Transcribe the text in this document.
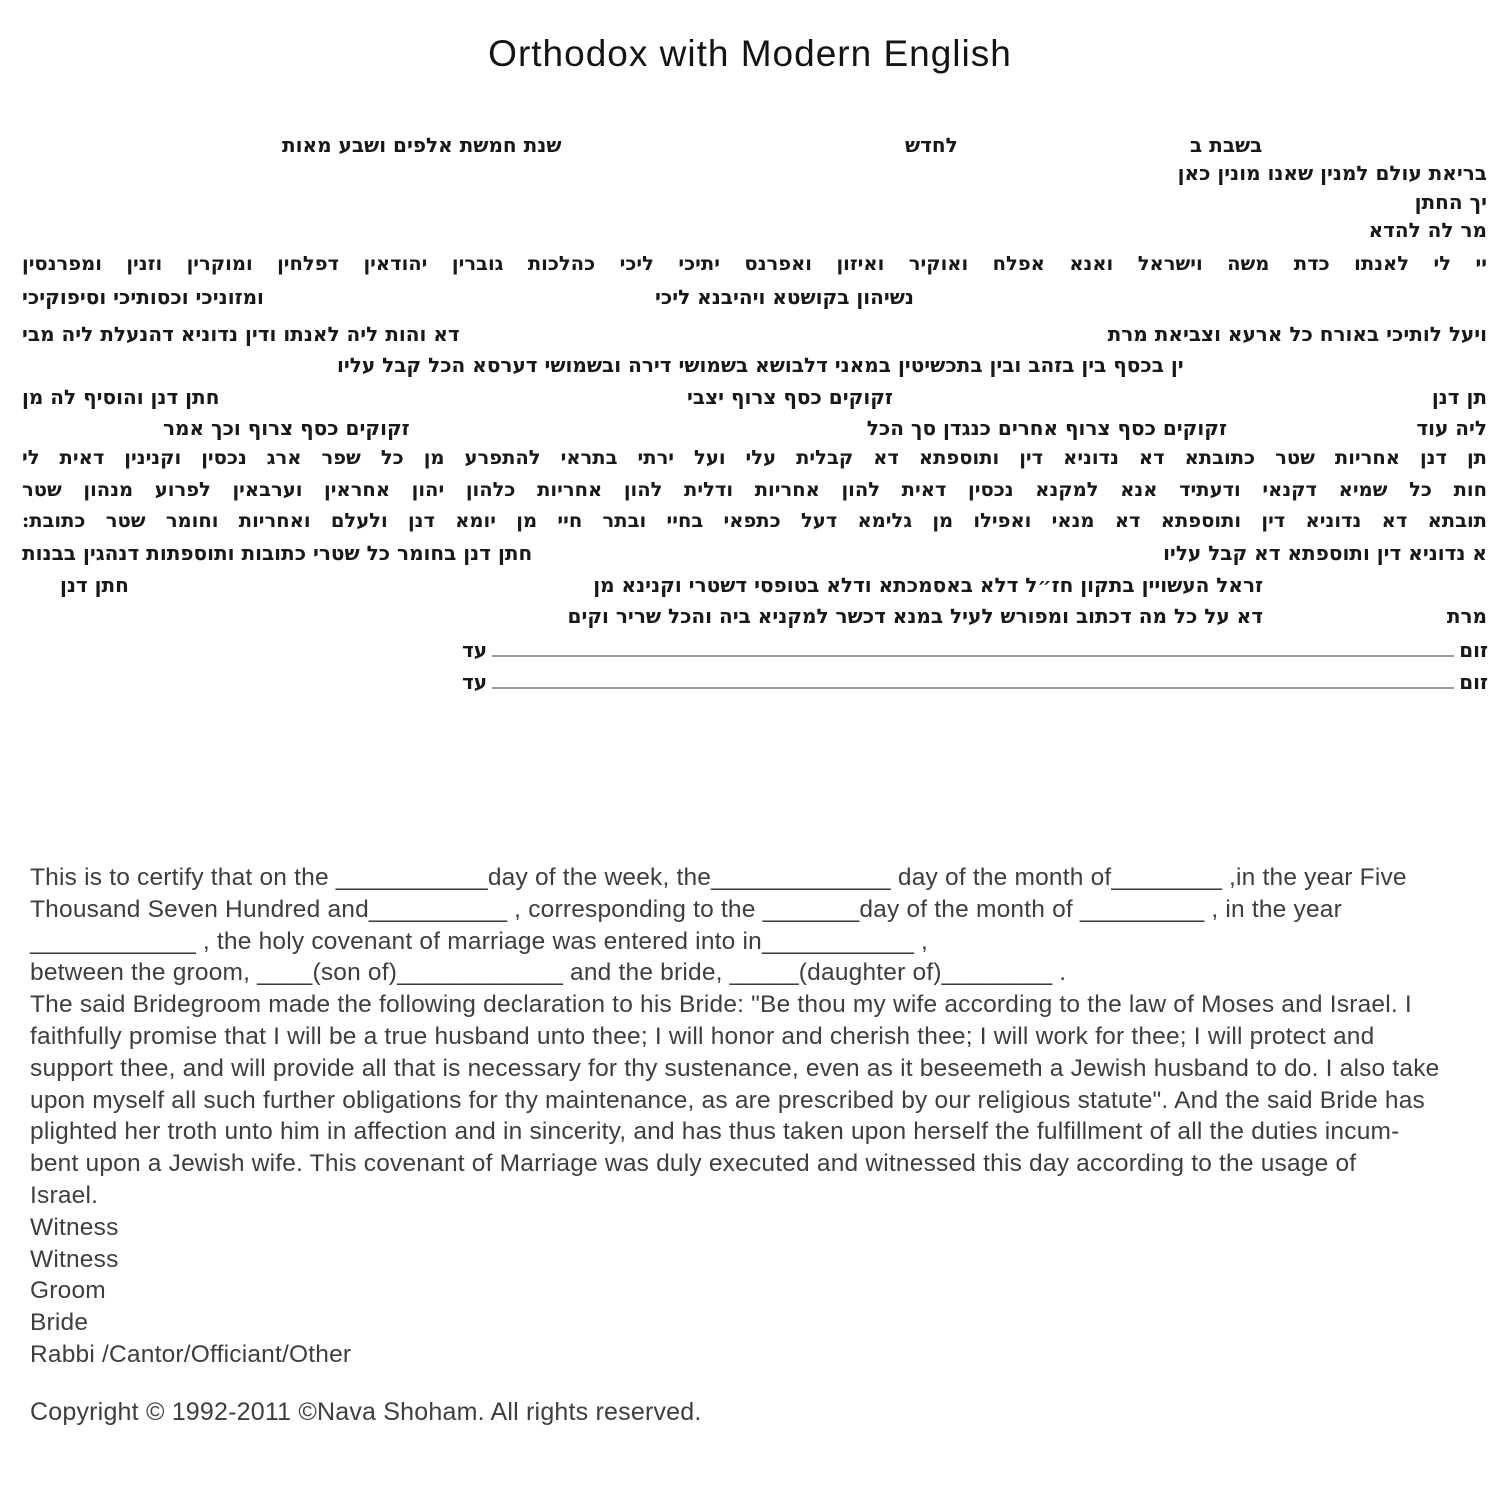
Orthodox with Modern English
בשבת ב
לחדש
שנת חמשת אלפים ושבע מאות
בריאת עולם למנין שאנו מונין כאן
יך החתן
מר לה להדא
יי לי לאנתו כדת משה וישראל ואנא אפלח ואוקיר ואיזון ואפרנס יתיכי ליכי כהלכות גוברין יהודאין דפלחין ומוקרין וזנין ומפרנסין
נשיהון בקושטא ויהיבנא ליכי
ומזוניכי וכסותיכי וסיפוקיכי
ויעל לותיכי באורח כל ארעא וצביאת מרת
דא והות ליה לאנתו ודין נדוניא דהנעלת ליה מבי
ין בכסף בין בזהב ובין בתכשיטין במאני דלבושא בשמושי דירה ובשמושי דערסא הכל קבל עליו
תן דנן
זקוקים כסף צרוף יצבי
חתן דנן והוסיף לה מן
ליה עוד
זקוקים כסף צרוף אחרים כנגדן סך הכל
זקוקים כסף צרוף וכך אמר
תן דנן אחריות שטר כתובתא דא נדוניא דין ותוספתא דא קבלית עלי ועל ירתי בתראי להתפרע מן כל שפר ארג נכסין וקנינין דאית לי
חות כל שמיא דקנאי ודעתיד אנא למקנא נכסין דאית להון אחריות ודלית להון אחריות כלהון יהון אחראין וערבאין לפרוע מנהון שטר
תובתא דא נדוניא דין ותוספתא דא מנאי ואפילו מן גלימא דעל כתפאי בחיי ובתר חיי מן יומא דנן ולעלם ואחריות וחומר שטר כתובת:
א נדוניא דין ותוספתא דא קבל עליו
חתן דנן בחומר כל שטרי כתובות ותוספתות דנהגין בבנות
זראל העשויין בתקון חז״ל דלא באסמכתא ודלא בטופסי דשטרי וקנינא מן
חתן דנן
מרת
דא על כל מה דכתוב ומפורש לעיל במנא דכשר למקניא ביה והכל שריר וקים
עד	זום
עד	זום
This is to certify that on the ___________day of the week, the_____________ day of the month of________ ,in the year Five
Thousand Seven Hundred and__________ , corresponding to the _______day of the month of _________ , in the year
____________ , the holy covenant of marriage was entered into in___________ ,
between the groom, ____(son of)____________ and the bride, _____(daughter of)________ .
The said Bridegroom made the following declaration to his Bride: "Be thou my wife according to the law of Moses and Israel. I
faithfully promise that I will be a true husband unto thee; I will honor and cherish thee; I will work for thee; I will protect and
support thee, and will provide all that is necessary for thy sustenance, even as it beseemeth a Jewish husband to do. I also take
upon myself all such further obligations for thy maintenance, as are prescribed by our religious statute". And the said Bride has
plighted her troth unto him in affection and in sincerity, and has thus taken upon herself the fulfillment of all the duties incum-
bent upon a Jewish wife. This covenant of Marriage was duly executed and witnessed this day according to the usage of
Israel.
Witness
Witness
Groom
Bride
Rabbi /Cantor/Officiant/Other
Copyright © 1992-2011 ©Nava Shoham. All rights reserved.
